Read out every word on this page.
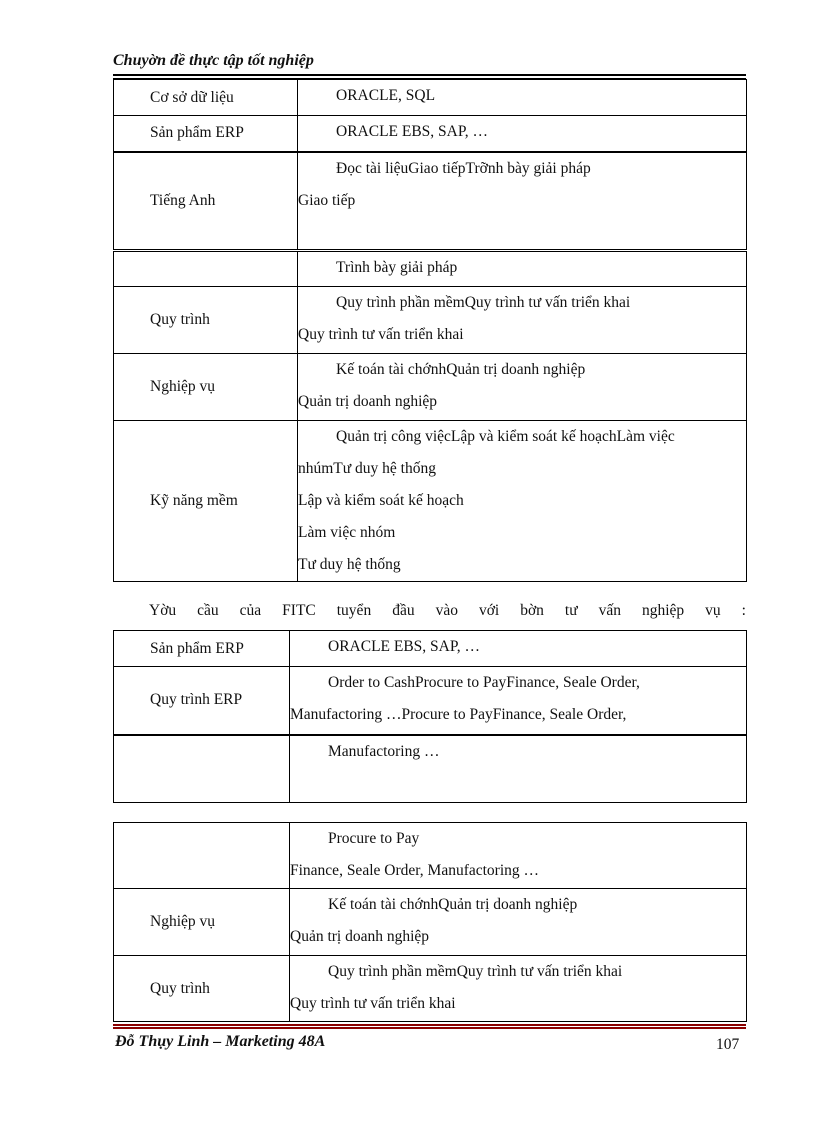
Chuyờn đề thực tập tốt nghiệp
Cơ sở dữ liệu	ORACLE, SQL

Sản phẩm ERP	ORACLE EBS, SAP, …

Tiếng Anh	Đọc tài liệuGiao tiếpTrỡnh bày giải pháp
Giao tiếp

	Trình bày giải pháp

Quy trình	Quy trình phần mềmQuy trình tư vấn triển khai
Quy trình tư vấn triển khai

Nghiệp vụ	Kế toán tài chớnhQuản trị doanh nghiệp
Quản trị doanh nghiệp

Kỹ năng mềm	Quản trị công việcLập và kiểm soát kế hoạchLàm việc
nhúmTư duy hệ thống
Lập và kiểm soát kế hoạch
Làm việc nhóm
Tư duy hệ thống
Yờu cầu của FITC tuyển đầu vào với bờn tư vấn nghiệp vụ :
Sản phẩm ERP	ORACLE EBS, SAP, …

Quy trình ERP	Order to CashProcure to PayFinance, Seale Order,
Manufactoring …Procure to PayFinance, Seale Order,

	Manufactoring …

	Procure to Pay
Finance, Seale Order, Manufactoring …

Nghiệp vụ	Kế toán tài chớnhQuản trị doanh nghiệp
Quản trị doanh nghiệp

Quy trình	Quy trình phần mềmQuy trình tư vấn triển khai
Quy trình tư vấn triển khai
Đỗ Thụy Linh – Marketing 48A	107
